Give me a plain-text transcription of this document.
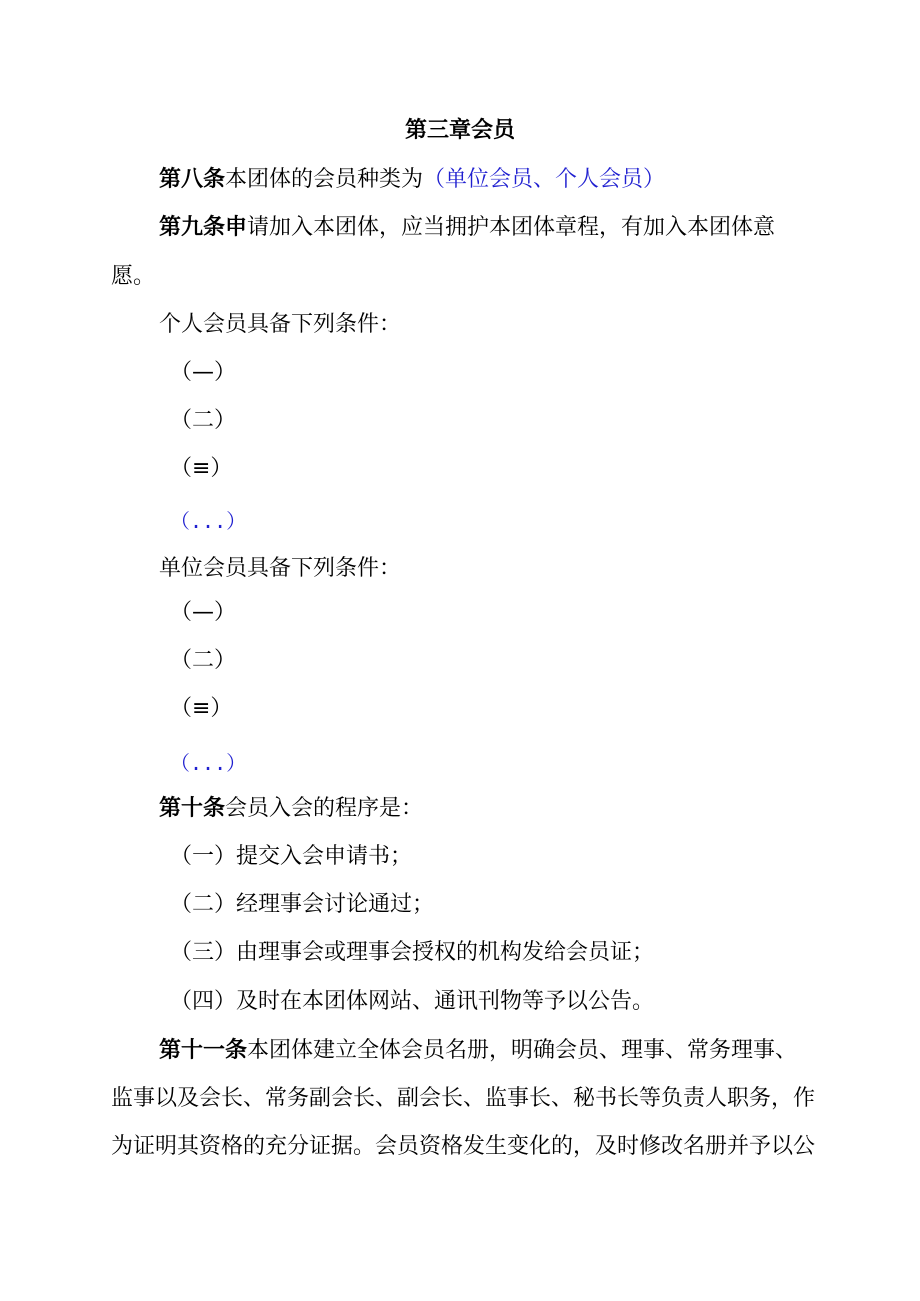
第三章会员
第八条本团体的会员种类为（单位会员、个人会员）
第九条申请加入本团体，应当拥护本团体章程，有加入本团体意
愿。
个人会员具备下列条件：
（—）
（二）
（≡）
（...）
单位会员具备下列条件：
（—）
（二）
（≡）
（...）
第十条会员入会的程序是：
（一）提交入会申请书；
（二）经理事会讨论通过；
（三）由理事会或理事会授权的机构发给会员证；
（四）及时在本团体网站、通讯刊物等予以公告。
第十一条本团体建立全体会员名册，明确会员、理事、常务理事、
监事以及会长、常务副会长、副会长、监事长、秘书长等负责人职务，作
为证明其资格的充分证据。会员资格发生变化的，及时修改名册并予以公
